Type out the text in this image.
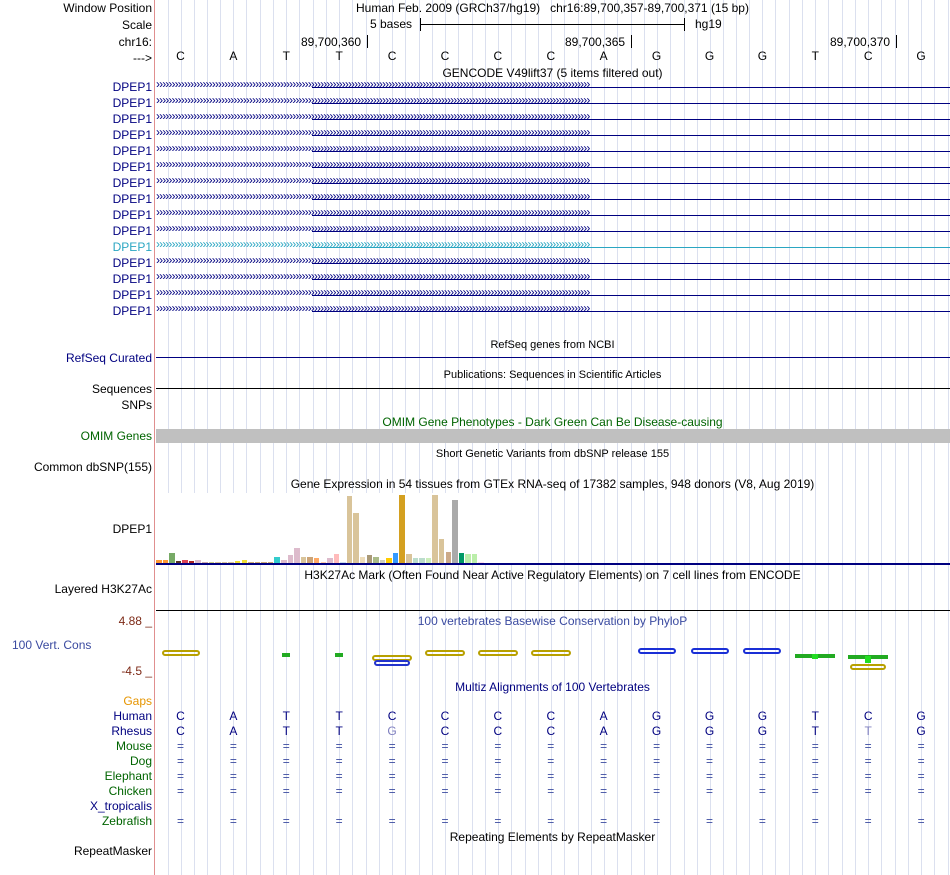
Window Position	Human Feb. 2009 (GRCh37/hg19) chr16:89,700,357-89,700,371 (15 bp)
Scale	5 bases	hg19
chr16:	89,700,360	89,700,365	89,700,370
--->	C	A	T	T	C	C	C	C	A	G	G	G	T	C	G
GENCODE V49lift37 (5 items filtered out)
DPEP1 ››››››››››››››››››››››››››››››››››››››››››››››››››››››››››››››››››››››››››››››››››››››››››››››››››››››››››››››››››››››››››››››››››››››››››››
DPEP1 ››››››››››››››››››››››››››››››››››››››››››››››››››››››››››››››››››››››››››››››››››››››››››››››››››››››››››››››››››››››››››››››››››››››››››››
DPEP1 ››››››››››››››››››››››››››››››››››››››››››››››››››››››››››››››››››››››››››››››››››››››››››››››››››››››››››››››››››››››››››››››››››››››››››››
DPEP1 ››››››››››››››››››››››››››››››››››››››››››››››››››››››››››››››››››››››››››››››››››››››››››››››››››››››››››››››››››››››››››››››››››››››››››››
DPEP1 ››››››››››››››››››››››››››››››››››››››››››››››››››››››››››››››››››››››››››››››››››››››››››››››››››››››››››››››››››››››››››››››››››››››››››››
DPEP1 ››››››››››››››››››››››››››››››››››››››››››››››››››››››››››››››››››››››››››››››››››››››››››››››››››››››››››››››››››››››››››››››››››››››››››››
DPEP1 ››››››››››››››››››››››››››››››››››››››››››››››››››››››››››››››››››››››››››››››››››››››››››››››››››››››››››››››››››››››››››››››››››››››››››››
DPEP1 ››››››››››››››››››››››››››››››››››››››››››››››››››››››››››››››››››››››››››››››››››››››››››››››››››››››››››››››››››››››››››››››››››››››››››››
DPEP1 ››››››››››››››››››››››››››››››››››››››››››››››››››››››››››››››››››››››››››››››››››››››››››››››››››››››››››››››››››››››››››››››››››››››››››››
DPEP1 ››››››››››››››››››››››››››››››››››››››››››››››››››››››››››››››››››››››››››››››››››››››››››››››››››››››››››››››››››››››››››››››››››››››››››››
DPEP1 ››››››››››››››››››››››››››››››››››››››››››››››››››››››››››››››››››››››››››››››››››››››››››››››››››››››››››››››››››››››››››››››››››››››››››››
DPEP1 ››››››››››››››››››››››››››››››››››››››››››››››››››››››››››››››››››››››››››››››››››››››››››››››››››››››››››››››››››››››››››››››››››››››››››››
DPEP1 ››››››››››››››››››››››››››››››››››››››››››››››››››››››››››››››››››››››››››››››››››››››››››››››››››››››››››››››››››››››››››››››››››››››››››››
DPEP1 ››››››››››››››››››››››››››››››››››››››››››››››››››››››››››››››››››››››››››››››››››››››››››››››››››››››››››››››››››››››››››››››››››››››››››››
DPEP1 ››››››››››››››››››››››››››››››››››››››››››››››››››››››››››››››››››››››››››››››››››››››››››››››››››››››››››››››››››››››››››››››››››››››››››››
RefSeq genes from NCBI
RefSeq Curated
Publications: Sequences in Scientific Articles
Sequences
SNPs
OMIM Gene Phenotypes - Dark Green Can Be Disease-causing
OMIM Genes
Short Genetic Variants from dbSNP release 155
Common dbSNP(155)
Gene Expression in 54 tissues from GTEx RNA-seq of 17382 samples, 948 donors (V8, Aug 2019)
DPEP1
H3K27Ac Mark (Often Found Near Active Regulatory Elements) on 7 cell lines from ENCODE
Layered H3K27Ac
100 vertebrates Basewise Conservation by PhyloP
4.88 _
100 Vert. Cons
-4.5 _
Multiz Alignments of 100 Vertebrates
Gaps
Human	C	A	T	T	C	C	C	C	A	G	G	G	T	C	G
Rhesus	C	A	T	T	G	C	C	C	A	G	G	G	T	T	G
Mouse	=	=	=	=	=	=	=	=	=	=	=	=	=	=	=
Dog	=	=	=	=	=	=	=	=	=	=	=	=	=	=	=
Elephant	=	=	=	=	=	=	=	=	=	=	=	=	=	=	=
Chicken	=	=	=	=	=	=	=	=	=	=	=	=	=	=	=
X_tropicalis
Zebrafish	=	=	=	=	=	=	=	=	=	=	=	=	=	=	=
Repeating Elements by RepeatMasker
RepeatMasker
